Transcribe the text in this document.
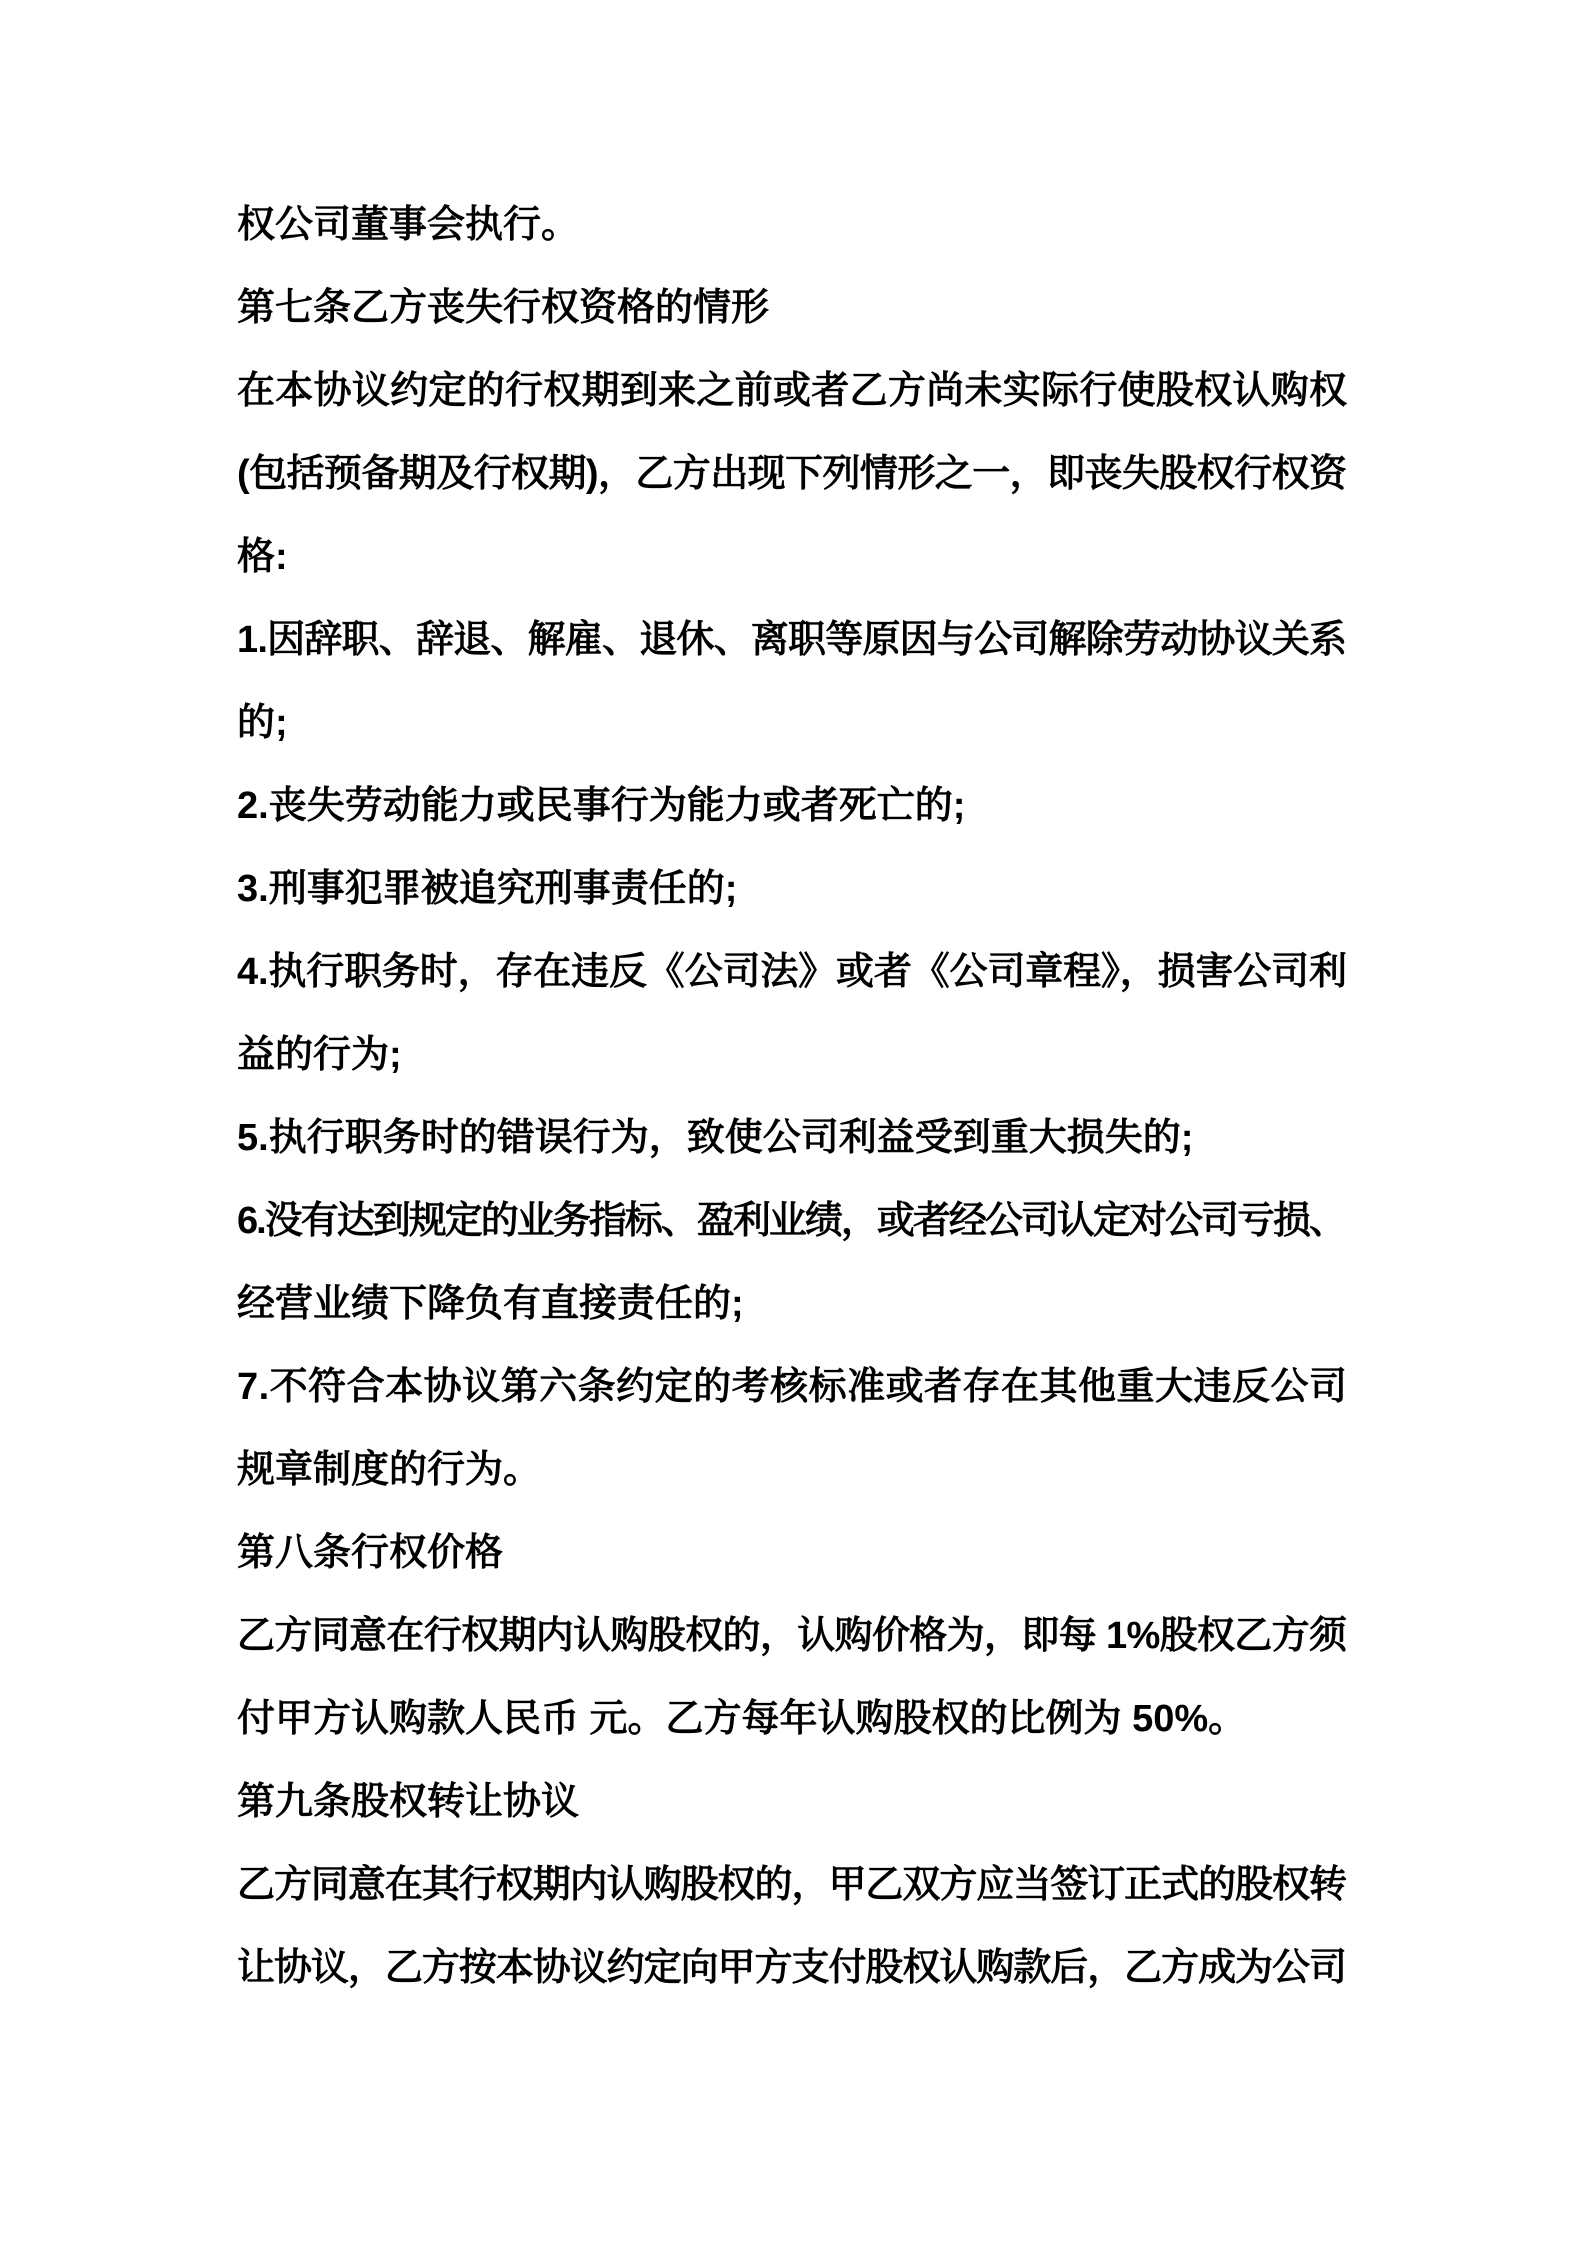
权公司董事会执行。
第七条乙方丧失行权资格的情形
在本协议约定的行权期到来之前或者乙方尚未实际行使股权认购权
(包括预备期及行权期)，乙方出现下列情形之一，即丧失股权行权资
格:
1.因辞职、辞退、解雇、退休、离职等原因与公司解除劳动协议关系
的;
2.丧失劳动能力或民事行为能力或者死亡的;
3.刑事犯罪被追究刑事责任的;
4.执行职务时，存在违反《公司法》或者《公司章程》，损害公司利
益的行为;
5.执行职务时的错误行为，致使公司利益受到重大损失的;
6.没有达到规定的业务指标、盈利业绩，或者经公司认定对公司亏损、
经营业绩下降负有直接责任的;
7.不符合本协议第六条约定的考核标准或者存在其他重大违反公司
规章制度的行为。
第八条行权价格
乙方同意在行权期内认购股权的，认购价格为，即每 1%股权乙方须
付甲方认购款人民币 元。乙方每年认购股权的比例为 50%。
第九条股权转让协议
乙方同意在其行权期内认购股权的，甲乙双方应当签订正式的股权转
让协议，乙方按本协议约定向甲方支付股权认购款后，乙方成为公司
